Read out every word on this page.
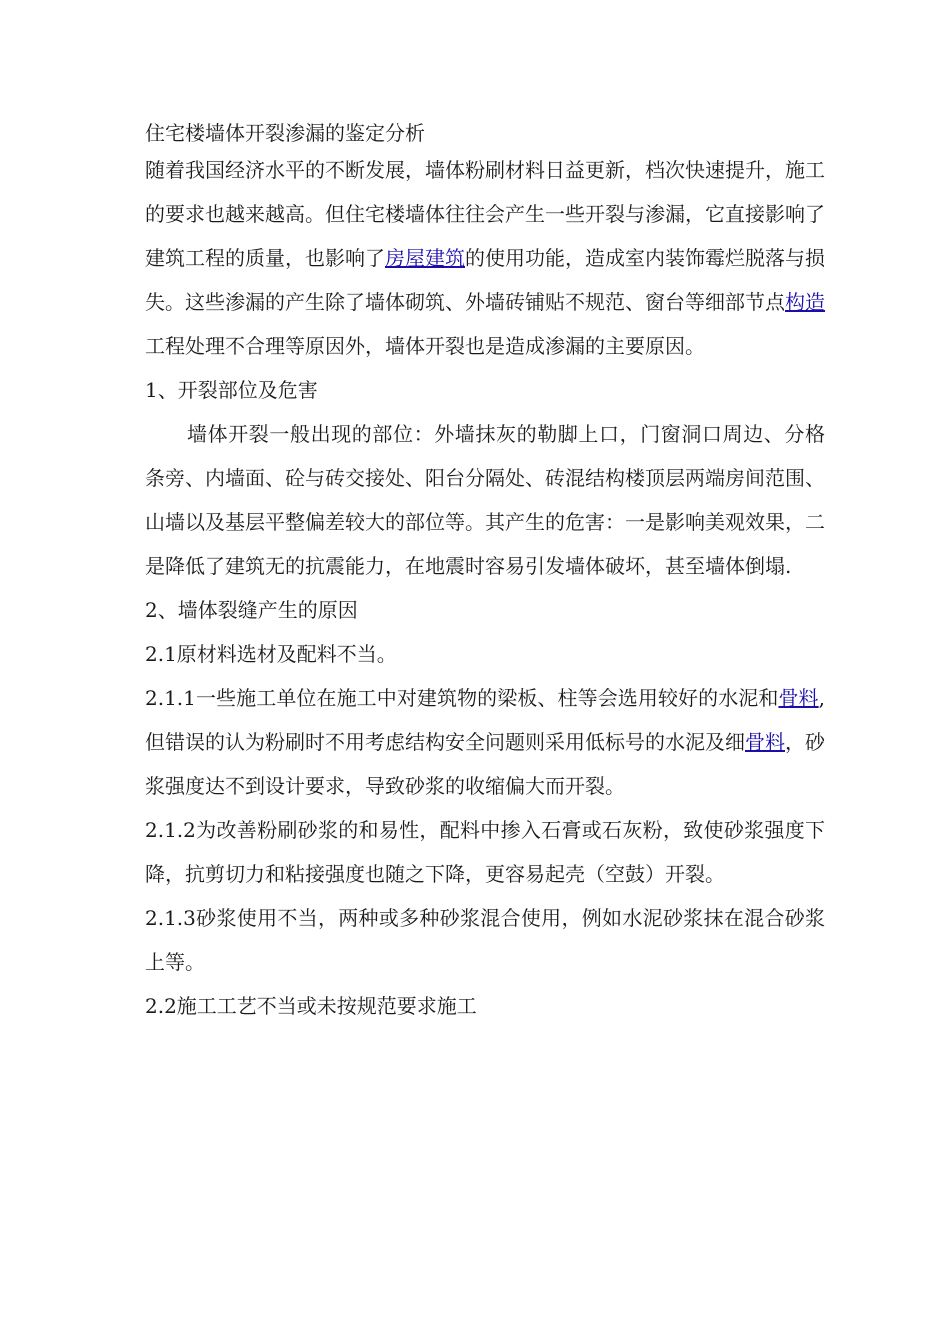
住宅楼墙体开裂渗漏的鉴定分析

随着我国经济水平的不断发展，墙体粉刷材料日益更新，档次快速提升，施工的要求也越来越高。但住宅楼墙体往往会产生一些开裂与渗漏，它直接影响了建筑工程的质量，也影响了房屋建筑的使用功能，造成室内装饰霉烂脱落与损失。这些渗漏的产生除了墙体砌筑、外墙砖铺贴不规范、窗台等细部节点构造工程处理不合理等原因外，墙体开裂也是造成渗漏的主要原因。

1、开裂部位及危害

墙体开裂一般出现的部位：外墙抹灰的勒脚上口，门窗洞口周边、分格条旁、内墙面、砼与砖交接处、阳台分隔处、砖混结构楼顶层两端房间范围、山墙以及基层平整偏差较大的部位等。其产生的危害：一是影响美观效果，二是降低了建筑无的抗震能力，在地震时容易引发墙体破坏，甚至墙体倒塌.

2、墙体裂缝产生的原因

2.1原材料选材及配料不当。

2.1.1一些施工单位在施工中对建筑物的梁板、柱等会选用较好的水泥和骨料,但错误的认为粉刷时不用考虑结构安全问题则采用低标号的水泥及细骨料，砂浆强度达不到设计要求，导致砂浆的收缩偏大而开裂。

2.1.2为改善粉刷砂浆的和易性，配料中掺入石膏或石灰粉，致使砂浆强度下降，抗剪切力和粘接强度也随之下降，更容易起壳（空鼓）开裂。

2.1.3砂浆使用不当，两种或多种砂浆混合使用，例如水泥砂浆抹在混合砂浆上等。

2.2施工工艺不当或未按规范要求施工
